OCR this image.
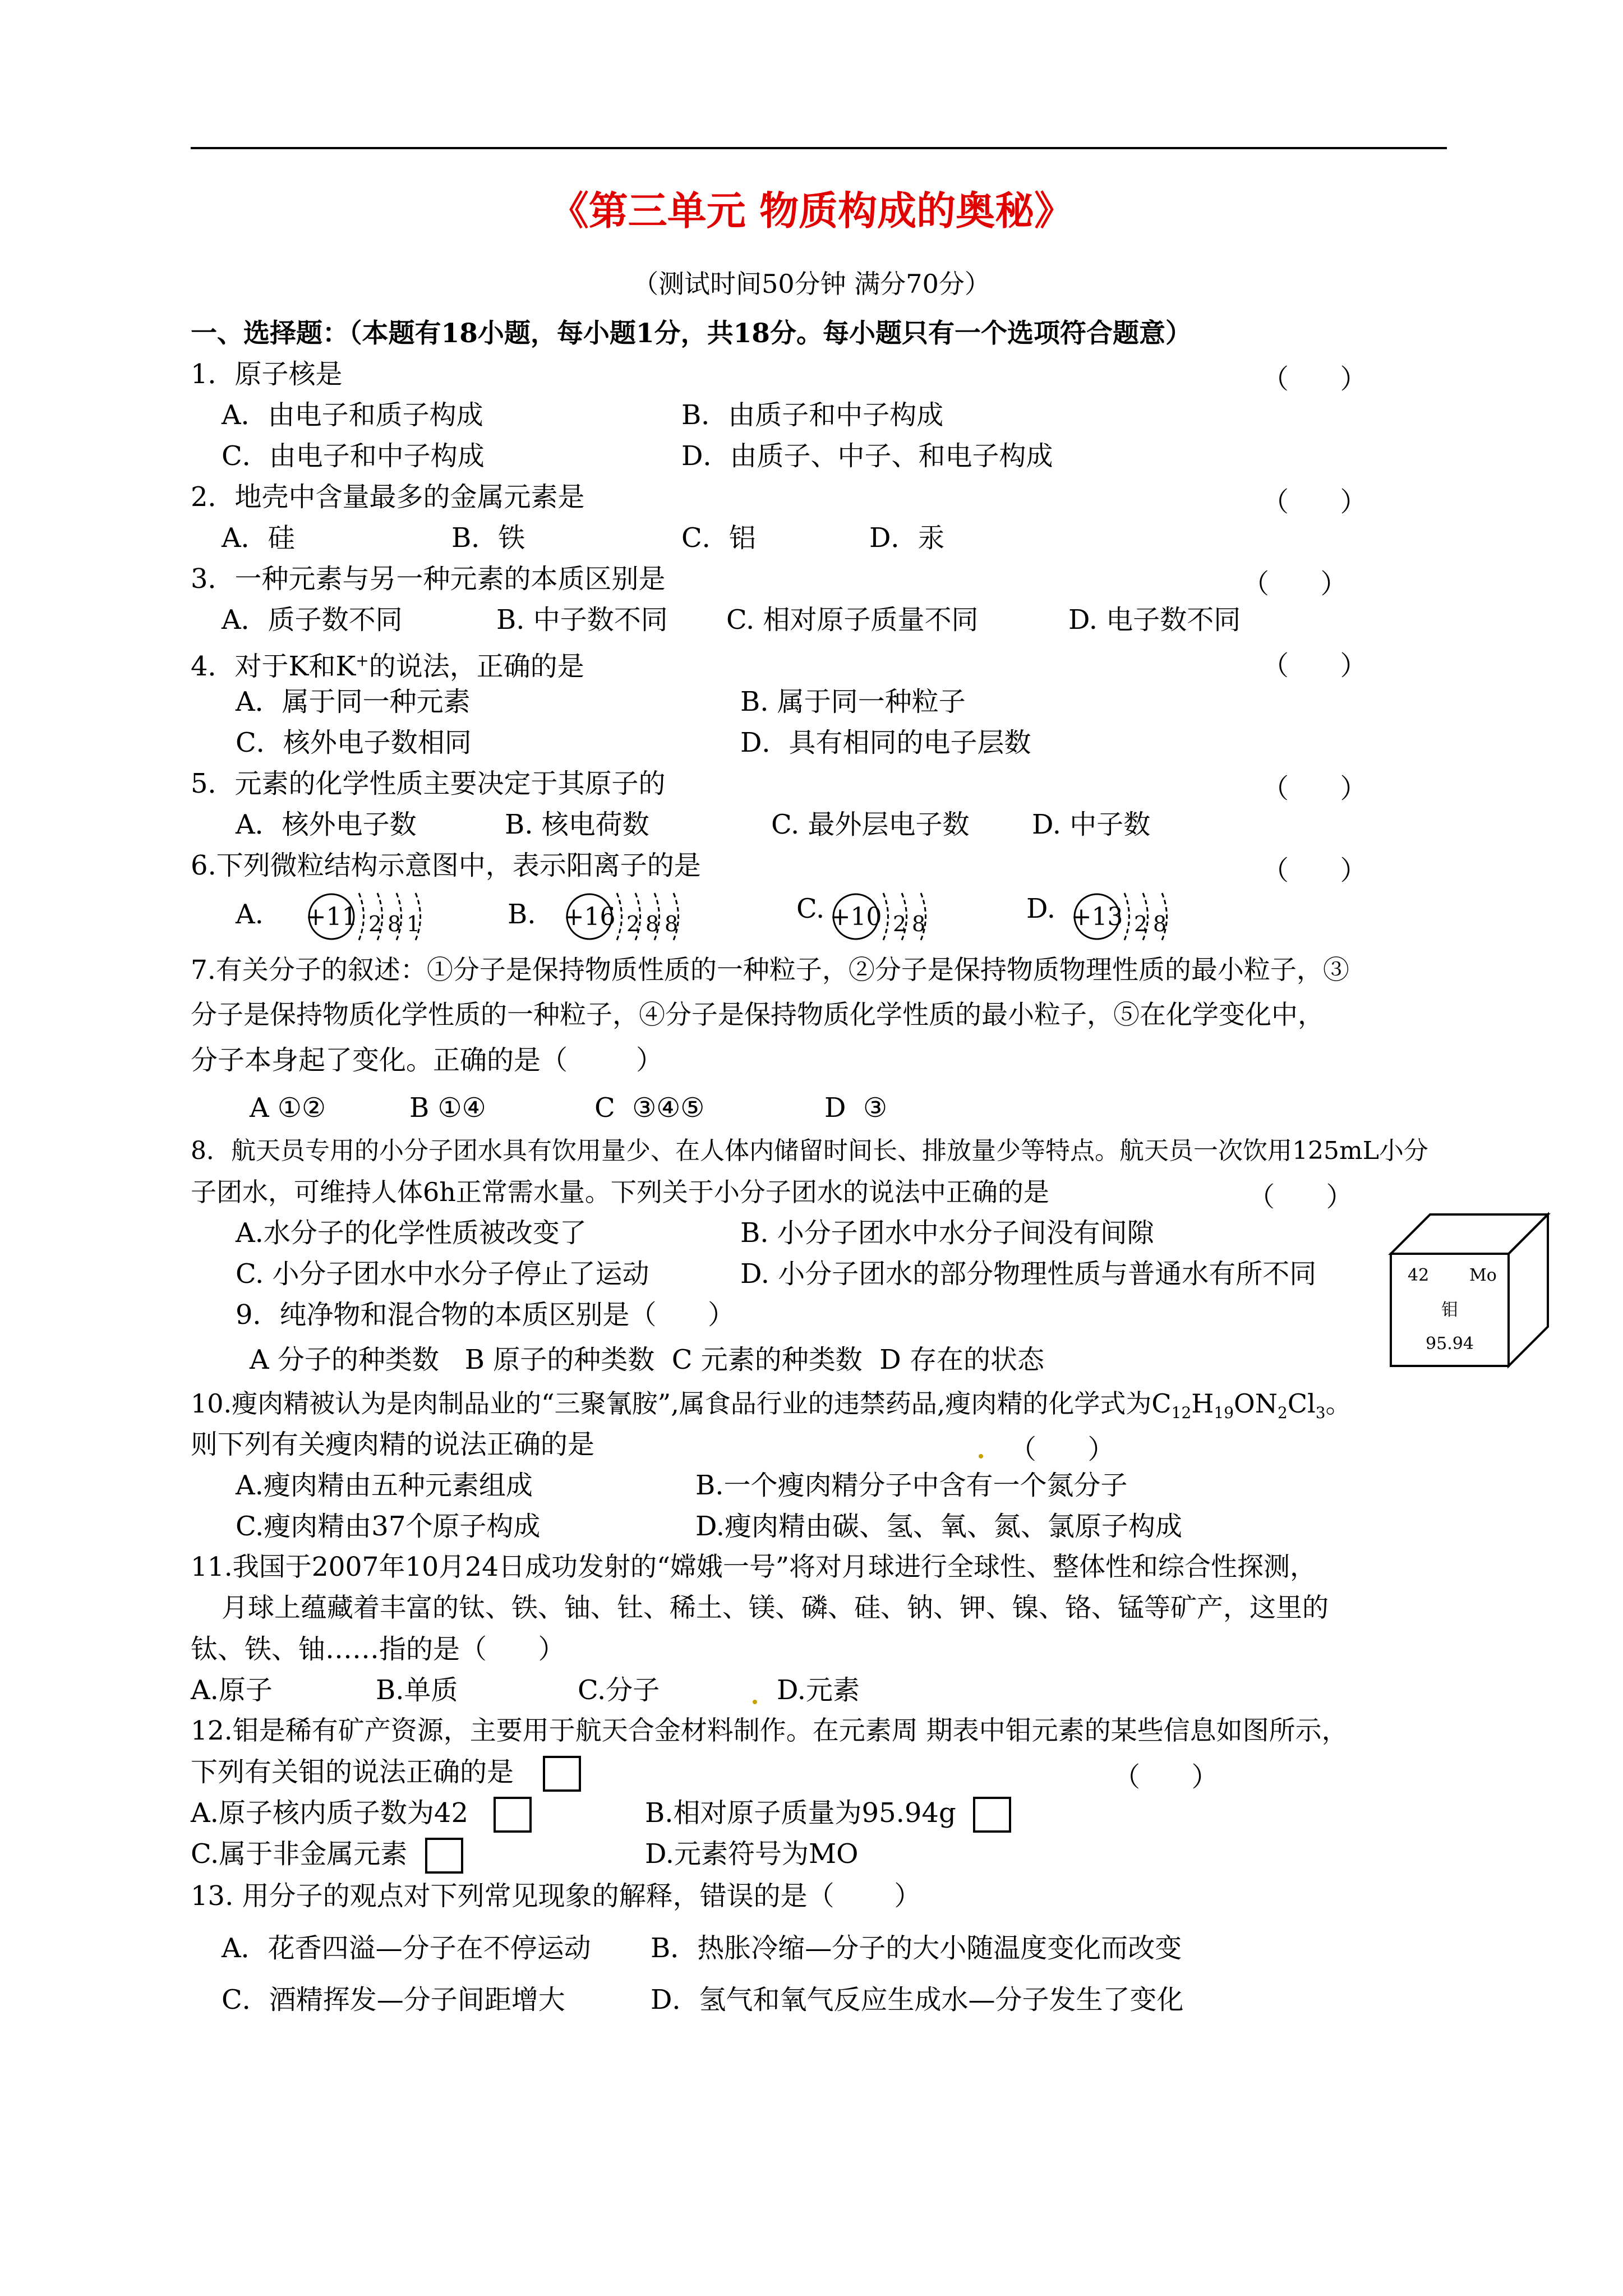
《第三单元 物质构成的奥秘》
（测试时间50分钟 满分70分）
一、选择题：（本题有18小题，每小题1分，共18分。每小题只有一个选项符合题意）
1．原子核是	（      ）
A．由电子和质子构成	B．由质子和中子构成
C．由电子和中子构成	D．由质子、中子、和电子构成
2．地壳中含量最多的金属元素是	（      ）
A．硅	B．铁	C．铝	D．汞
3．一种元素与另一种元素的本质区别是	（      ）
A．质子数不同	B. 中子数不同 C. 相对原子质量不同	D. 电子数不同
4．对于K和K+的说法，正确的是	（      ）
A．属于同一种元素	B. 属于同一种粒子
C．核外电子数相同	D．具有相同的电子层数
5．元素的化学性质主要决定于其原子的	（      ）
A．核外电子数	B. 核电荷数	C. 最外层电子数 D. 中子数
6.下列微粒结构示意图中，表示阳离子的是	（      ）
A. +11 2 8 1	B. +16 2 8 8	C. +10 2 8	D. +13 2 8
7.有关分子的叙述：①分子是保持物质性质的一种粒子，②分子是保持物质物理性质的最小粒子，③
分子是保持物质化学性质的一种粒子，④分子是保持物质化学性质的最小粒子，⑤在化学变化中，
分子本身起了变化。正确的是（        ）
A ①②	B ①④	C  ③④⑤	D  ③
8．航天员专用的小分子团水具有饮用量少、在人体内储留时间长、排放量少等特点。航天员一次饮用125mL小分
子团水，可维持人体6h正常需水量。下列关于小分子团水的说法中正确的是	（      ）
A.水分子的化学性质被改变了	B. 小分子团水中水分子间没有间隙
C. 小分子团水中水分子停止了运动	D. 小分子团水的部分物理性质与普通水有所不同	42 Mo
钼
95.94
9．纯净物和混合物的本质区别是（      ）
A 分子的种类数   B 原子的种类数  C 元素的种类数  D 存在的状态
10.瘦肉精被认为是肉制品业的“三聚氰胺”,属食品行业的违禁药品,瘦肉精的化学式为$C_{12}H_{19}ON_2Cl_3$。
则下列有关瘦肉精的说法正确的是	（      ）
A.瘦肉精由五种元素组成	B.一个瘦肉精分子中含有一个氮分子
C.瘦肉精由37个原子构成	D.瘦肉精由碳、氢、氧、氮、氯原子构成
11.我国于2007年10月24日成功发射的“嫦娥一号”将对月球进行全球性、整体性和综合性探测，
月球上蕴藏着丰富的钛、铁、铀、钍、稀土、镁、磷、硅、钠、钾、镍、铬、锰等矿产，这里的
钛、铁、铀……指的是（      ）
A.原子	B.单质	C.分子	D.元素
12.钼是稀有矿产资源，主要用于航天合金材料制作。在元素周 期表中钼元素的某些信息如图所示，
下列有关钼的说法正确的是	（      ）
A.原子核内质子数为42	B.相对原子质量为95.94g
C.属于非金属元素	D.元素符号为MO
13. 用分子的观点对下列常见现象的解释，错误的是（       ）
A．花香四溢—分子在不停运动 B．热胀冷缩—分子的大小随温度变化而改变
C．酒精挥发—分子间距增大	D．氢气和氧气反应生成水—分子发生了变化
